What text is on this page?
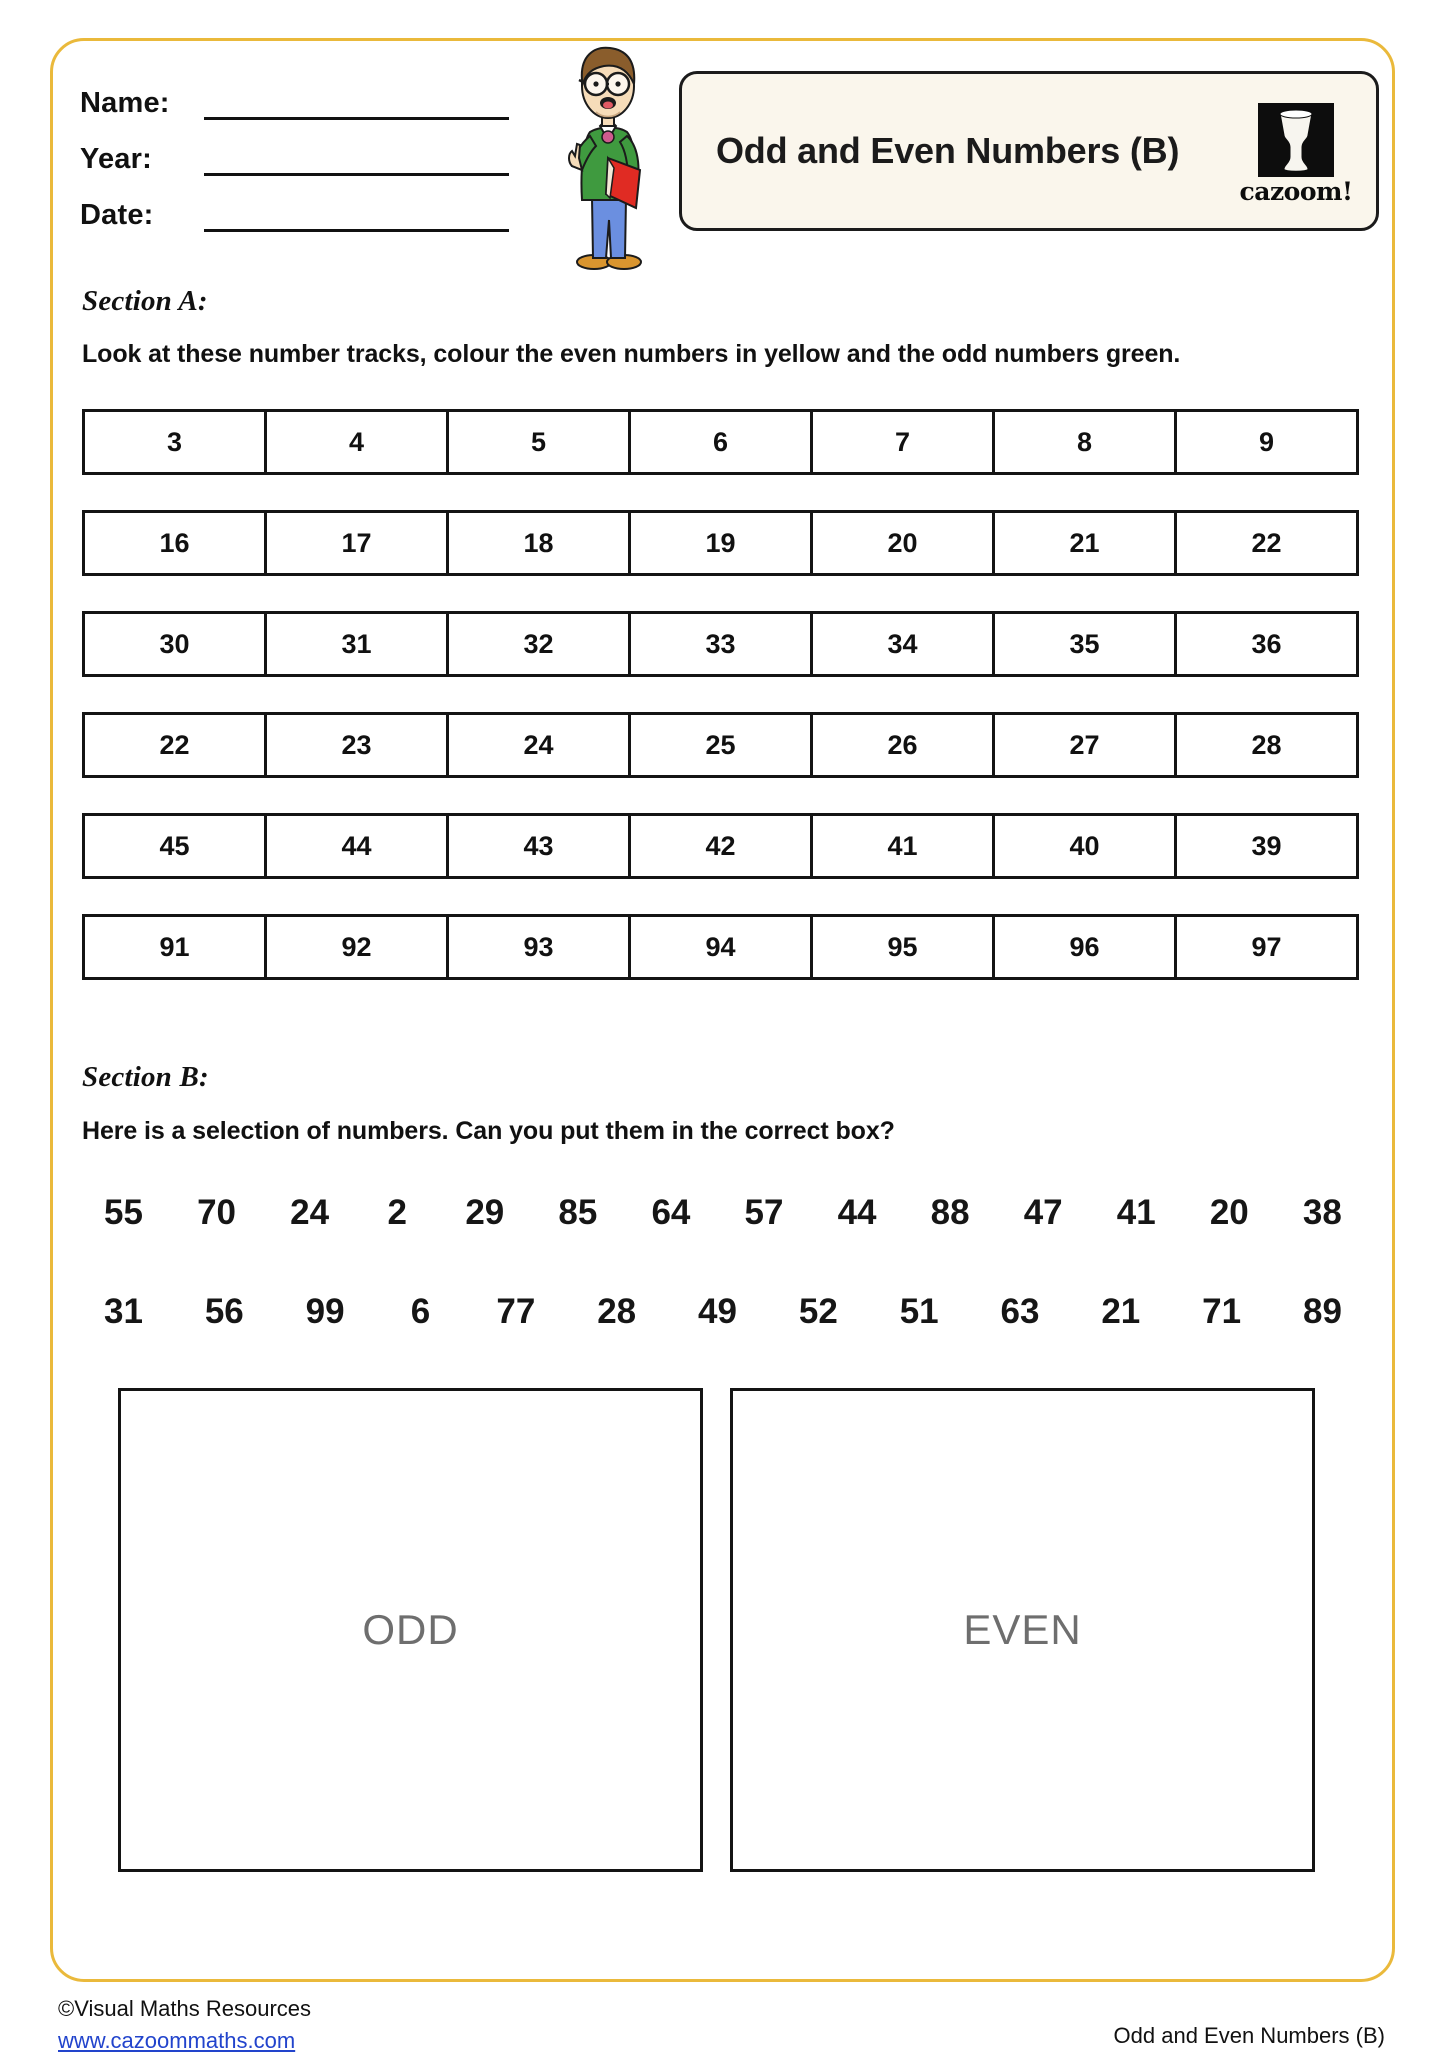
Name:
Year:
Date:
Odd and Even Numbers (B)
cazoom!
Section A:
Look at these number tracks, colour the even numbers in yellow and the odd numbers green.
3	4	5	6	7	8	9
16	17	18	19	20	21	22
30	31	32	33	34	35	36
22	23	24	25	26	27	28
45	44	43	42	41	40	39
91	92	93	94	95	96	97
Section B:
Here is a selection of numbers. Can you put them in the correct box?
55 70 24 2 29 85 64 57 44 88 47 41 20 38
31 56 99 6 77 28 49 52 51 63 21 71 89
ODD	EVEN
©Visual Maths Resources
www.cazoommaths.com	Odd and Even Numbers (B)
